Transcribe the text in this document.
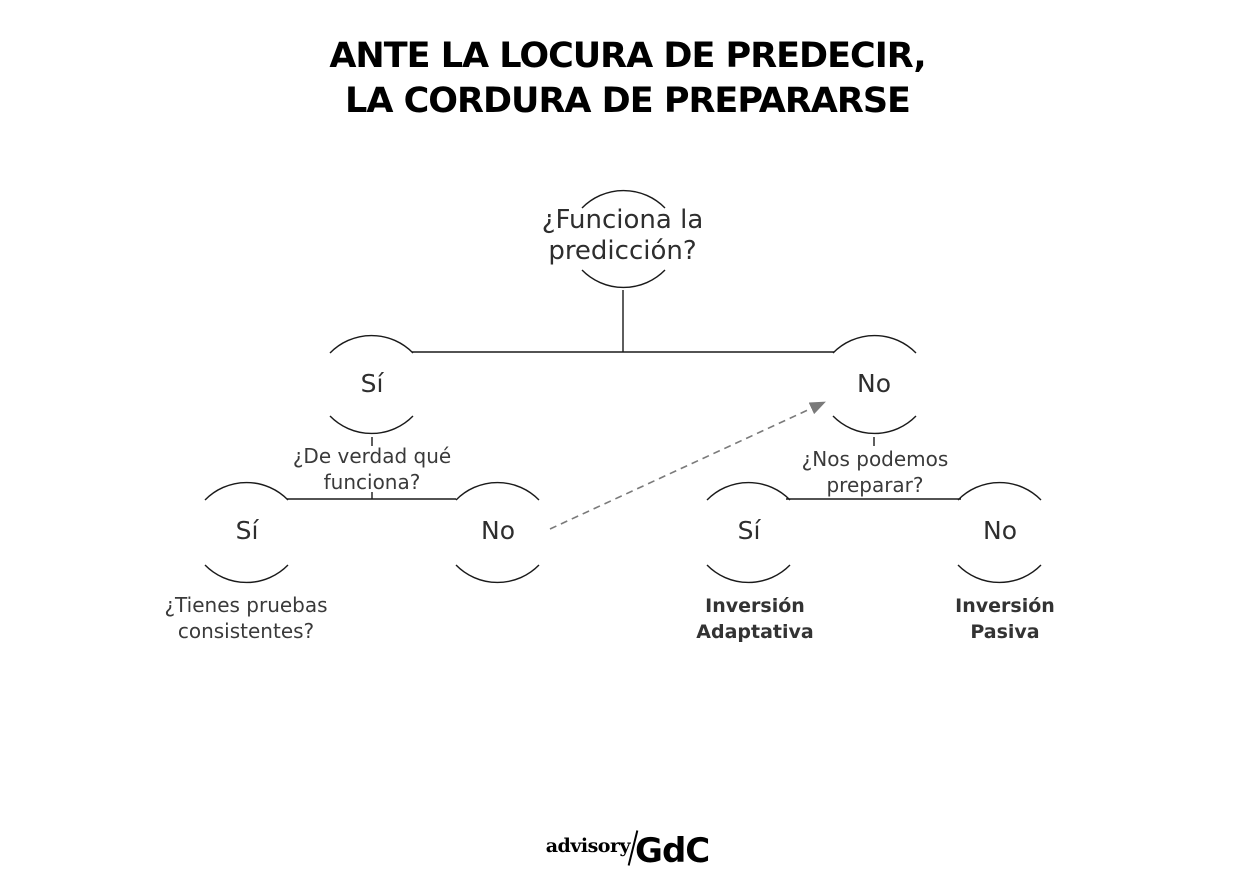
ANTE LA LOCURA DE PREDECIR,
LA CORDURA DE PREPARARSE
¿Funciona la
predicción?
Sí	No
¿De verdad qué
funciona?
¿Nos podemos
preparar?
Sí	No	Sí	No
¿Tienes pruebas
consistentes?
Inversión
Adaptativa
Inversión
Pasiva
advisory GdC
